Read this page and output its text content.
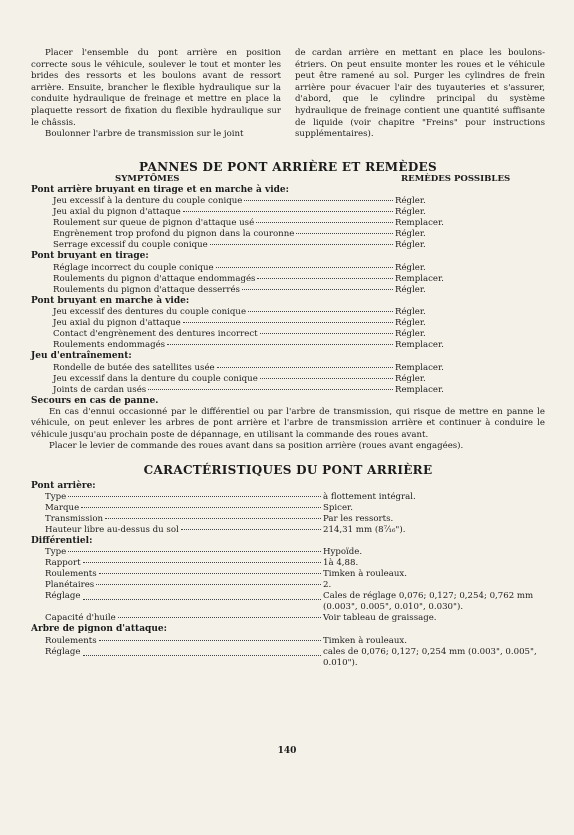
Placer l'ensemble du pont arrière en position correcte sous le véhicule, soulever le tout et monter les brides des ressorts et les boulons avant de ressort arrière. Ensuite, brancher le flexible hydraulique sur la conduite hydraulique de freinage et mettre en place la plaquette ressort de fixation du flexible hydraulique sur le châssis.

Boulonner l'arbre de transmission sur le joint

de cardan arrière en mettant en place les boulons-étriers. On peut ensuite monter les roues et le véhicule peut être ramené au sol. Purger les cylindres de frein arrière pour évacuer l'air des tuyauteries et s'assurer, d'abord, que le cylindre principal du système hydraulique de freinage contient une quantité suffisante de liquide (voir chapitre "Freins" pour instructions supplémentaires).

PANNES DE PONT ARRIÈRE ET REMÈDES
SYMPTÔMES	REMÈDES POSSIBLES

Pont arrière bruyant en tirage et en marche à vide:

Jeu excessif à la denture du couple conique	Régler.
Jeu axial du pignon d'attaque	Régler.
Roulement sur queue de pignon d'attaque usé	Remplacer.
Engrènement trop profond du pignon dans la couronne	Régler.
Serrage excessif du couple conique	Régler.

Pont bruyant en tirage:

Réglage incorrect du couple conique	Régler.
Roulements du pignon d'attaque endommagés	Remplacer.
Roulements du pignon d'attaque desserrés	Régler.

Pont bruyant en marche à vide:

Jeu excessif des dentures du couple conique	Régler.
Jeu axial du pignon d'attaque	Régler.
Contact d'engrènement des dentures incorrect	Régler.
Roulements endommagés	Remplacer.

Jeu d'entraînement:

Rondelle de butée des satellites usée	Remplacer.
Jeu excessif dans la denture du couple conique	Régler.
Joints de cardan usés	Remplacer.

Secours en cas de panne.

En cas d'ennui occasionné par le différentiel ou par l'arbre de transmission, qui risque de mettre en panne le véhicule, on peut enlever les arbres de pont arrière et l'arbre de transmission arrière et continuer à conduire le véhicule jusqu'au prochain poste de dépannage, en utilisant la commande des roues avant.

Placer le levier de commande des roues avant dans sa position arrière (roues avant engagées).

CARACTÉRISTIQUES DU PONT ARRIÈRE

Pont arrière:

Type	à flottement intégral.
Marque	Spicer.
Transmission	Par les ressorts.
Hauteur libre au-dessus du sol	214,31 mm (8⁷⁄₁₆").

Différentiel:

Type	Hypoïde.
Rapport	1à 4,88.
Roulements	Timken à rouleaux.
Planétaires	2.
Réglage	Cales de réglage 0,076; 0,127; 0,254; 0,762 mm (0.003", 0.005", 0.010", 0.030").
Capacité d'huile	Voir tableau de graissage.

Arbre de pignon d'attaque:

Roulements	Timken à rouleaux.
Réglage	cales de 0,076; 0,127; 0,254 mm (0.003", 0.005", 0.010").
140
